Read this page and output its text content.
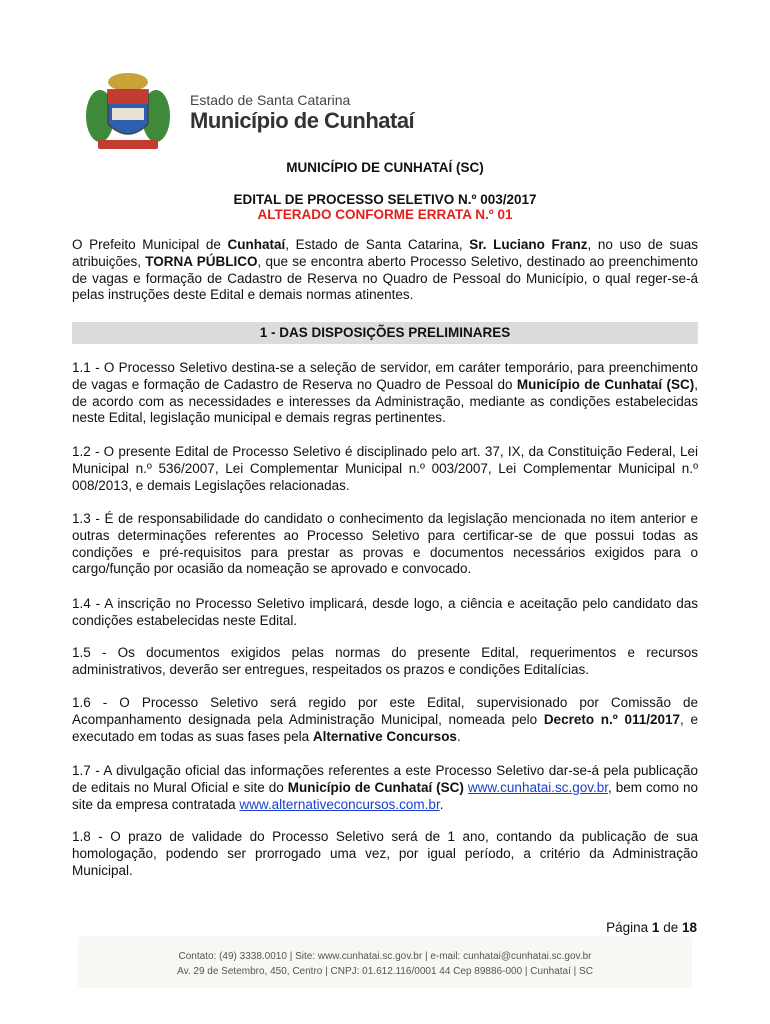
Estado de Santa Catarina
Município de Cunhataí
MUNICÍPIO DE CUNHATAÍ (SC)
EDITAL DE PROCESSO SELETIVO N.º 003/2017
ALTERADO CONFORME ERRATA N.º 01
O Prefeito Municipal de Cunhataí, Estado de Santa Catarina, Sr. Luciano Franz, no uso de suas atribuições, TORNA PÚBLICO, que se encontra aberto Processo Seletivo, destinado ao preenchimento de vagas e formação de Cadastro de Reserva no Quadro de Pessoal do Município, o qual reger-se-á pelas instruções deste Edital e demais normas atinentes.
1 - DAS DISPOSIÇÕES PRELIMINARES
1.1 - O Processo Seletivo destina-se a seleção de servidor, em caráter temporário, para preenchimento de vagas e formação de Cadastro de Reserva no Quadro de Pessoal do Município de Cunhataí (SC), de acordo com as necessidades e interesses da Administração, mediante as condições estabelecidas neste Edital, legislação municipal e demais regras pertinentes.
1.2 - O presente Edital de Processo Seletivo é disciplinado pelo art. 37, IX, da Constituição Federal, Lei Municipal n.º 536/2007, Lei Complementar Municipal n.º 003/2007, Lei Complementar Municipal n.º 008/2013, e demais Legislações relacionadas.
1.3 - É de responsabilidade do candidato o conhecimento da legislação mencionada no item anterior e outras determinações referentes ao Processo Seletivo para certificar-se de que possui todas as condições e pré-requisitos para prestar as provas e documentos necessários exigidos para o cargo/função por ocasião da nomeação se aprovado e convocado.
1.4 - A inscrição no Processo Seletivo implicará, desde logo, a ciência e aceitação pelo candidato das condições estabelecidas neste Edital.
1.5 - Os documentos exigidos pelas normas do presente Edital, requerimentos e recursos administrativos, deverão ser entregues, respeitados os prazos e condições Editalícias.
1.6 - O Processo Seletivo será regido por este Edital, supervisionado por Comissão de Acompanhamento designada pela Administração Municipal, nomeada pelo Decreto n.º 011/2017, e executado em todas as suas fases pela Alternative Concursos.
1.7 - A divulgação oficial das informações referentes a este Processo Seletivo dar-se-á pela publicação de editais no Mural Oficial e site do Município de Cunhataí (SC) www.cunhatai.sc.gov.br, bem como no site da empresa contratada www.alternativeconcursos.com.br.
1.8 - O prazo de validade do Processo Seletivo será de 1 ano, contando da publicação de sua homologação, podendo ser prorrogado uma vez, por igual período, a critério da Administração Municipal.
Página 1 de 18
Contato: (49) 3338.0010 | Site: www.cunhatai.sc.gov.br | e-mail: cunhatai@cunhatai.sc.gov.br
Av. 29 de Setembro, 450, Centro | CNPJ: 01.612.116/0001 44 Cep 89886-000 | Cunhataí | SC
